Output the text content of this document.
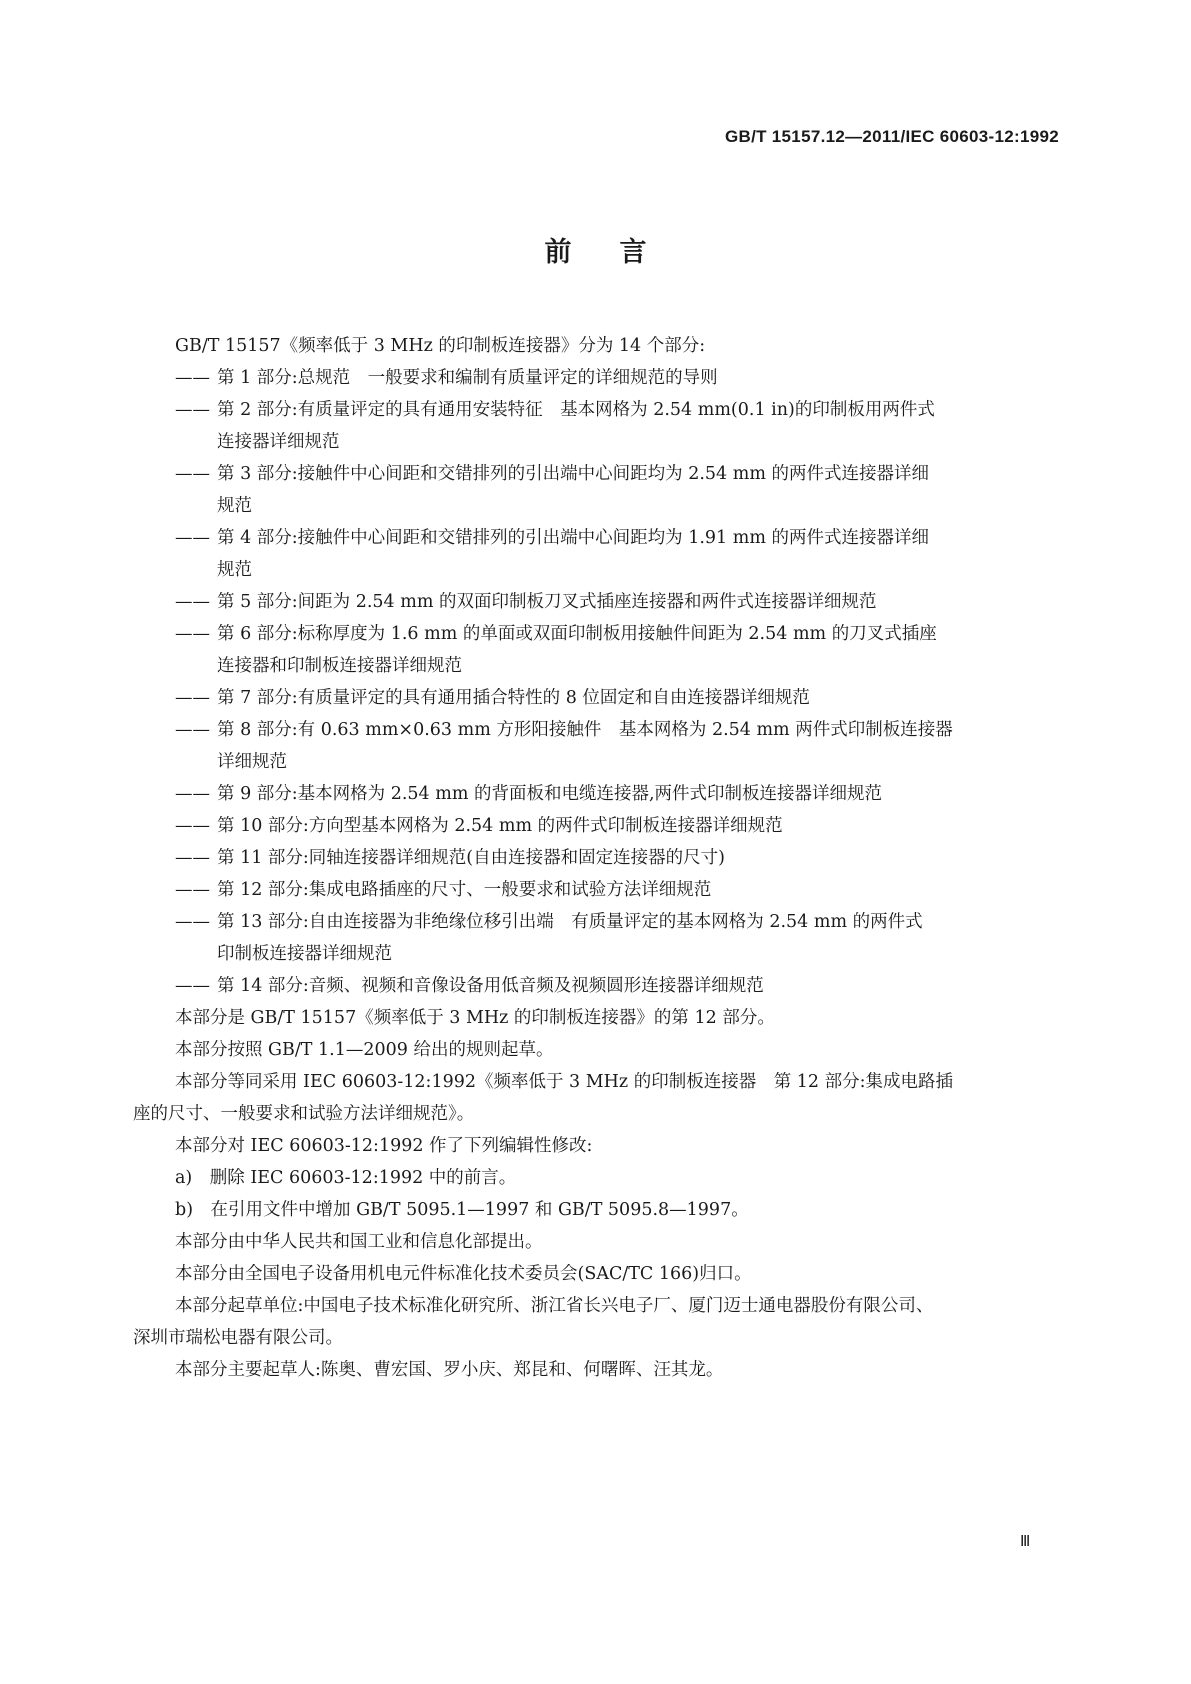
GB/T 15157.12—2011/IEC 60603-12:1992
前言

GB/T 15157《频率低于 3 MHz 的印制板连接器》分为 14 个部分:

—— 第 1 部分:总规范　一般要求和编制有质量评定的详细规范的导则
—— 第 2 部分:有质量评定的具有通用安装特征　基本网格为 2.54 mm(0.1 in)的印制板用两件式
连接器详细规范
—— 第 3 部分:接触件中心间距和交错排列的引出端中心间距均为 2.54 mm 的两件式连接器详细
规范
—— 第 4 部分:接触件中心间距和交错排列的引出端中心间距均为 1.91 mm 的两件式连接器详细
规范
—— 第 5 部分:间距为 2.54 mm 的双面印制板刀叉式插座连接器和两件式连接器详细规范
—— 第 6 部分:标称厚度为 1.6 mm 的单面或双面印制板用接触件间距为 2.54 mm 的刀叉式插座
连接器和印制板连接器详细规范
—— 第 7 部分:有质量评定的具有通用插合特性的 8 位固定和自由连接器详细规范
—— 第 8 部分:有 0.63 mm×0.63 mm 方形阳接触件　基本网格为 2.54 mm 两件式印制板连接器
详细规范
—— 第 9 部分:基本网格为 2.54 mm 的背面板和电缆连接器,两件式印制板连接器详细规范
—— 第 10 部分:方向型基本网格为 2.54 mm 的两件式印制板连接器详细规范
—— 第 11 部分:同轴连接器详细规范(自由连接器和固定连接器的尺寸)
—— 第 12 部分:集成电路插座的尺寸、一般要求和试验方法详细规范
—— 第 13 部分:自由连接器为非绝缘位移引出端　有质量评定的基本网格为 2.54 mm 的两件式
印制板连接器详细规范
—— 第 14 部分:音频、视频和音像设备用低音频及视频圆形连接器详细规范

本部分是 GB/T 15157《频率低于 3 MHz 的印制板连接器》的第 12 部分。

本部分按照 GB/T 1.1—2009 给出的规则起草。

本部分等同采用 IEC 60603-12:1992《频率低于 3 MHz 的印制板连接器　第 12 部分:集成电路插

座的尺寸、一般要求和试验方法详细规范》。

本部分对 IEC 60603-12:1992 作了下列编辑性修改:

a)　删除 IEC 60603-12:1992 中的前言。

b)　在引用文件中增加 GB/T 5095.1—1997 和 GB/T 5095.8—1997。

本部分由中华人民共和国工业和信息化部提出。

本部分由全国电子设备用机电元件标准化技术委员会(SAC/TC 166)归口。

本部分起草单位:中国电子技术标准化研究所、浙江省长兴电子厂、厦门迈士通电器股份有限公司、

深圳市瑞松电器有限公司。

本部分主要起草人:陈奥、曹宏国、罗小庆、郑昆和、何曙晖、汪其龙。

Ⅲ
